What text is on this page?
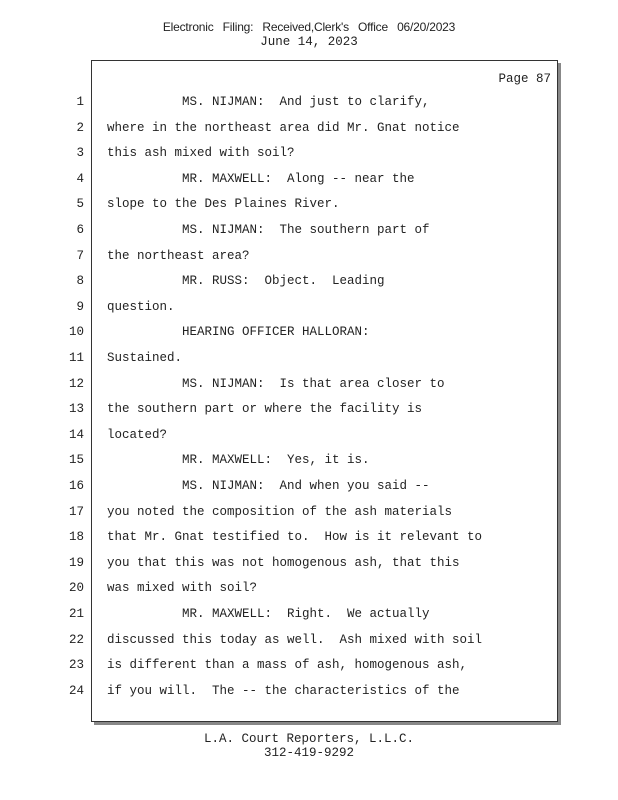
Electronic Filing: Received,Clerk's Office 06/20/2023
June 14, 2023
Page 87
1 MS. NIJMAN:  And just to clarify,
2 where in the northeast area did Mr. Gnat notice
3 this ash mixed with soil?
4 MR. MAXWELL:  Along -- near the
5 slope to the Des Plaines River.
6 MS. NIJMAN:  The southern part of
7 the northeast area?
8 MR. RUSS:  Object.  Leading
9 question.
10 HEARING OFFICER HALLORAN:
11 Sustained.
12 MS. NIJMAN:  Is that area closer to
13 the southern part or where the facility is
14 located?
15 MR. MAXWELL:  Yes, it is.
16 MS. NIJMAN:  And when you said --
17 you noted the composition of the ash materials
18 that Mr. Gnat testified to.  How is it relevant to
19 you that this was not homogenous ash, that this
20 was mixed with soil?
21 MR. MAXWELL:  Right.  We actually
22 discussed this today as well.  Ash mixed with soil
23 is different than a mass of ash, homogenous ash,
24 if you will.  The -- the characteristics of the
L.A. Court Reporters, L.L.C.
312-419-9292
